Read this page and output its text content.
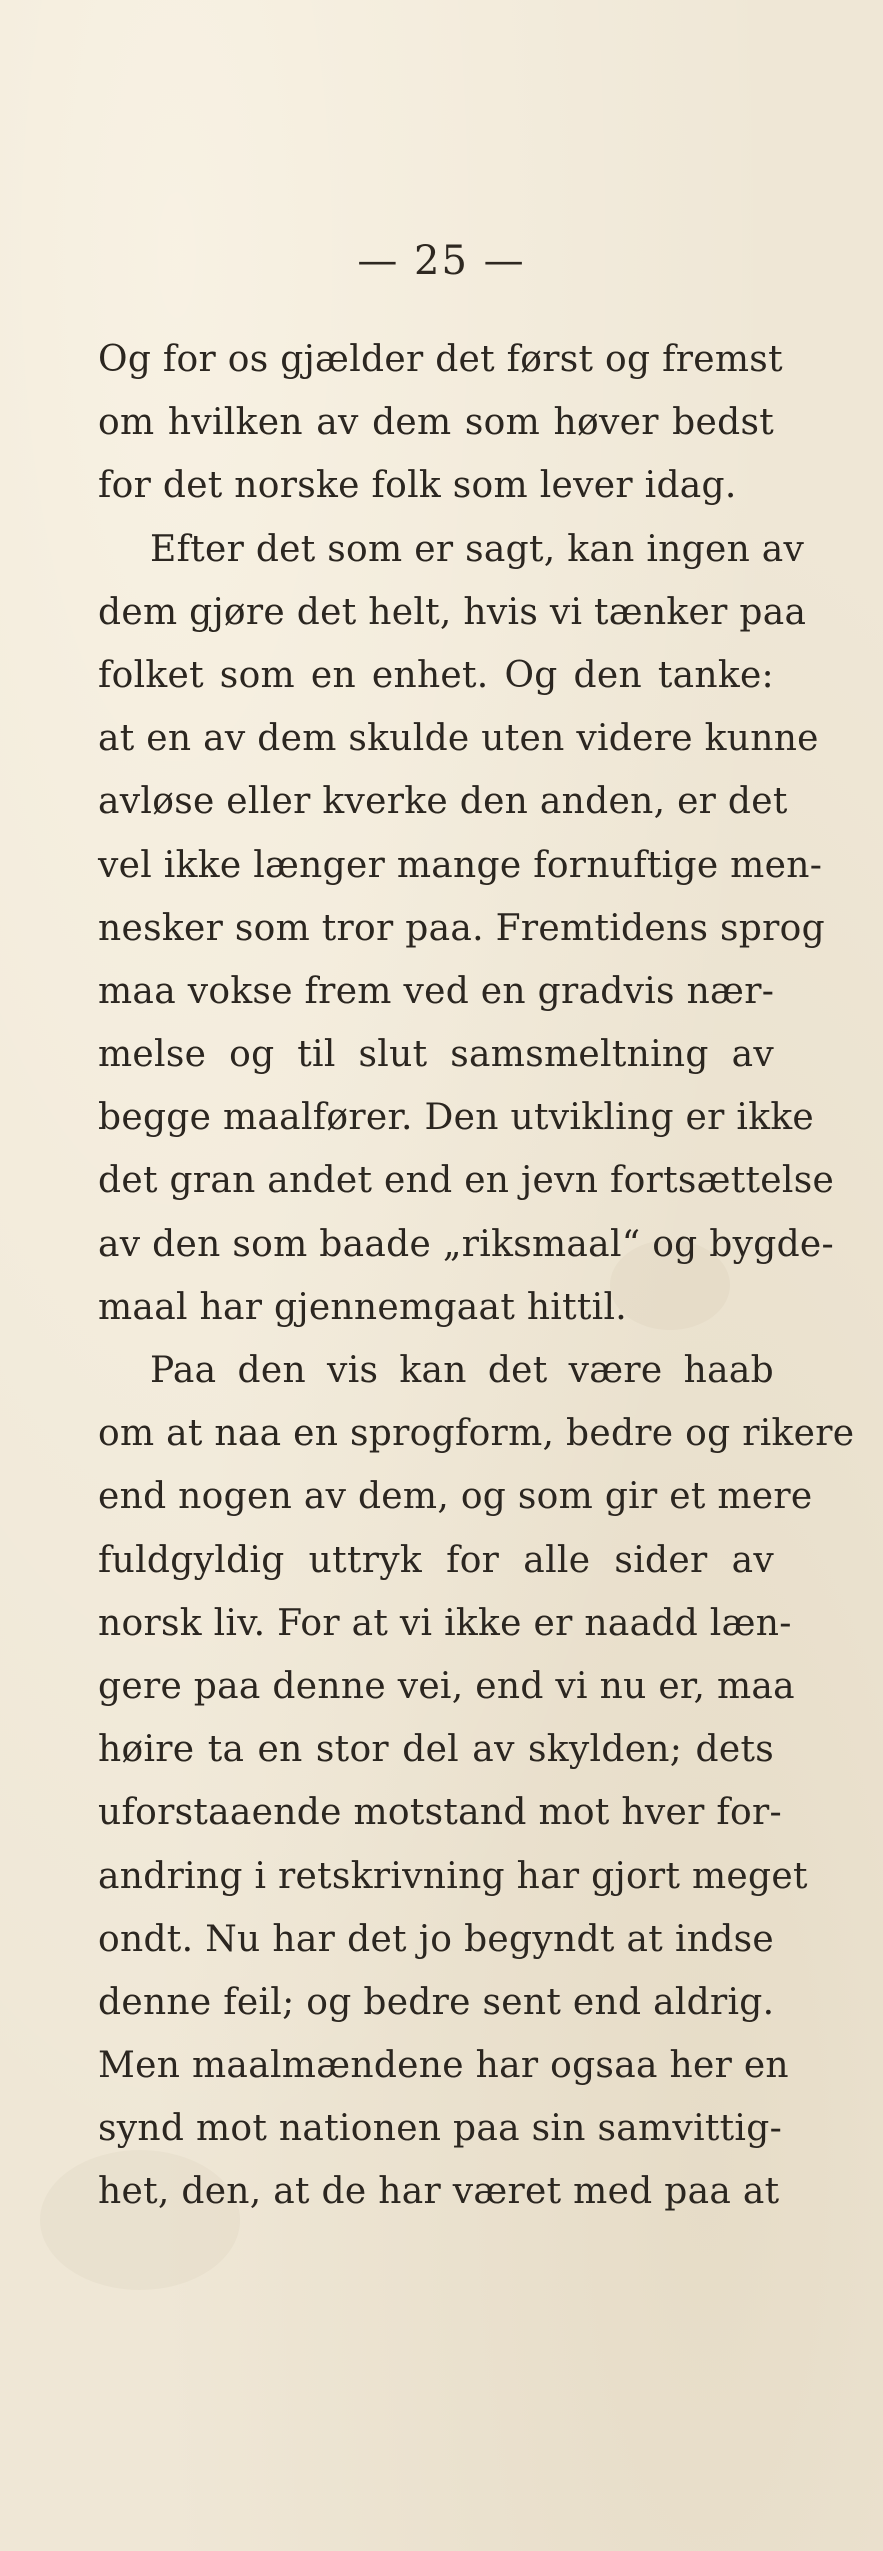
— 25 —
Og for os gjælder det først og fremst
om hvilken av dem som høver bedst
for det norske folk som lever idag.
Efter det som er sagt, kan ingen av
dem gjøre det helt, hvis vi tænker paa
folket som en enhet. Og den tanke:
at en av dem skulde uten videre kunne
avløse eller kverke den anden, er det
vel ikke længer mange fornuftige men-
nesker som tror paa. Fremtidens sprog
maa vokse frem ved en gradvis nær-
melse og til slut samsmeltning av
begge maalfører. Den utvikling er ikke
det gran andet end en jevn fortsættelse
av den som baade „riksmaal“ og bygde-
maal har gjennemgaat hittil.
Paa den vis kan det være haab
om at naa en sprogform, bedre og rikere
end nogen av dem, og som gir et mere
fuldgyldig uttryk for alle sider av
norsk liv. For at vi ikke er naadd læn-
gere paa denne vei, end vi nu er, maa
høire ta en stor del av skylden; dets
uforstaaende motstand mot hver for-
andring i retskrivning har gjort meget
ondt. Nu har det jo begyndt at indse
denne feil; og bedre sent end aldrig.
Men maalmændene har ogsaa her en
synd mot nationen paa sin samvittig-
het, den, at de har været med paa at
